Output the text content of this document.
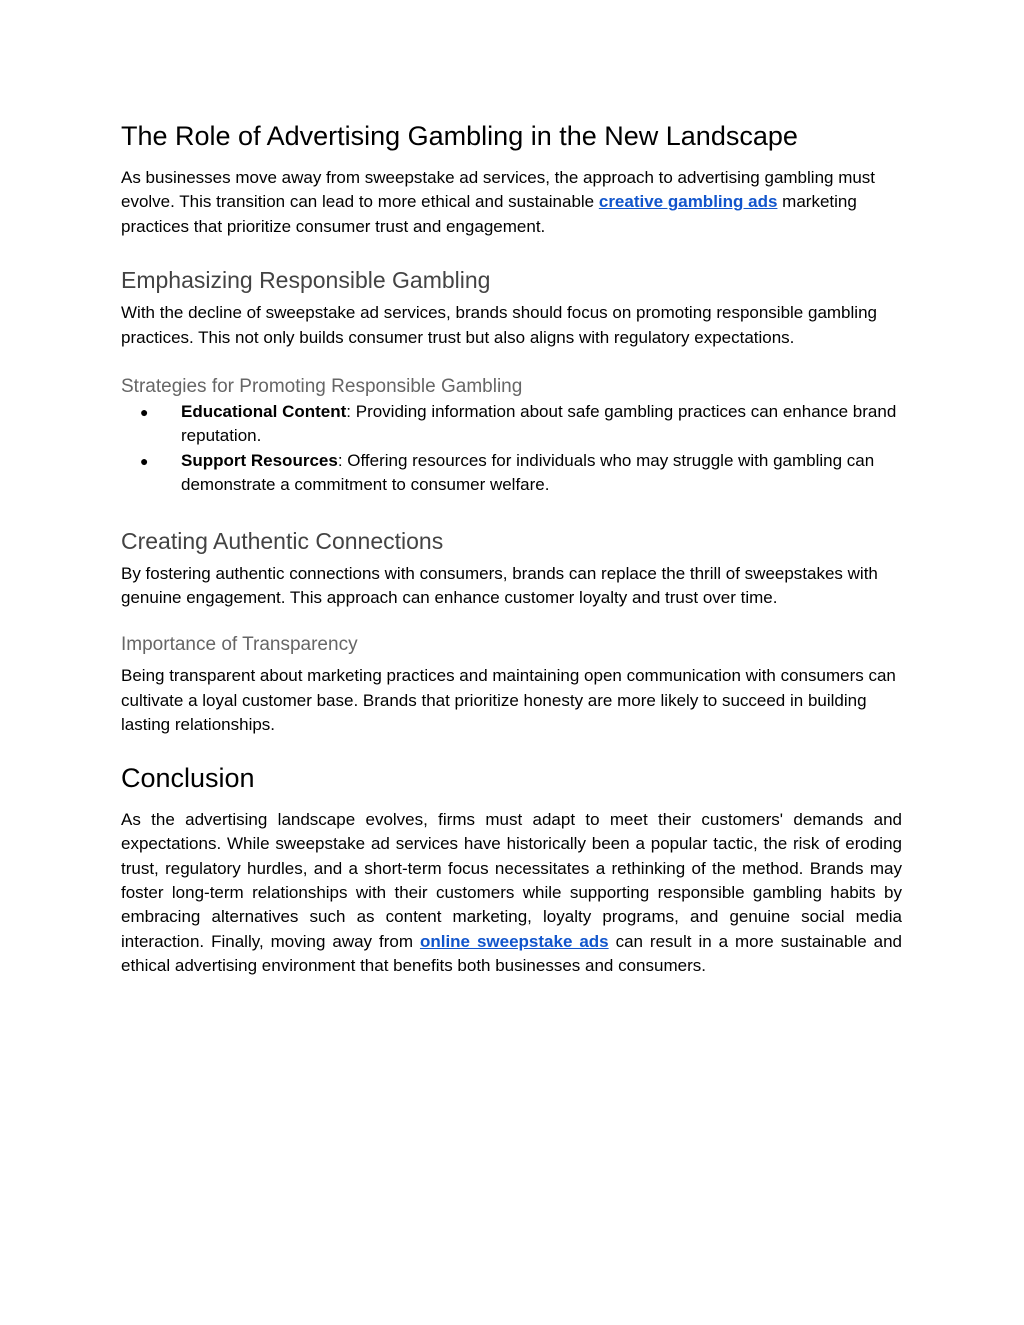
The Role of Advertising Gambling in the New Landscape

As businesses move away from sweepstake ad services, the approach to advertising gambling must evolve. This transition can lead to more ethical and sustainable creative gambling ads marketing practices that prioritize consumer trust and engagement.

Emphasizing Responsible Gambling

With the decline of sweepstake ad services, brands should focus on promoting responsible gambling practices. This not only builds consumer trust but also aligns with regulatory expectations.

Strategies for Promoting Responsible Gambling
● Educational Content: Providing information about safe gambling practices can enhance brand reputation.
● Support Resources: Offering resources for individuals who may struggle with gambling can demonstrate a commitment to consumer welfare.
Creating Authentic Connections

By fostering authentic connections with consumers, brands can replace the thrill of sweepstakes with genuine engagement. This approach can enhance customer loyalty and trust over time.

Importance of Transparency

Being transparent about marketing practices and maintaining open communication with consumers can cultivate a loyal customer base. Brands that prioritize honesty are more likely to succeed in building lasting relationships.

Conclusion

As the advertising landscape evolves, firms must adapt to meet their customers' demands and expectations. While sweepstake ad services have historically been a popular tactic, the risk of eroding trust, regulatory hurdles, and a short-term focus necessitates a rethinking of the method. Brands may foster long-term relationships with their customers while supporting responsible gambling habits by embracing alternatives such as content marketing, loyalty programs, and genuine social media interaction. Finally, moving away from online sweepstake ads can result in a more sustainable and ethical advertising environment that benefits both businesses and consumers.
